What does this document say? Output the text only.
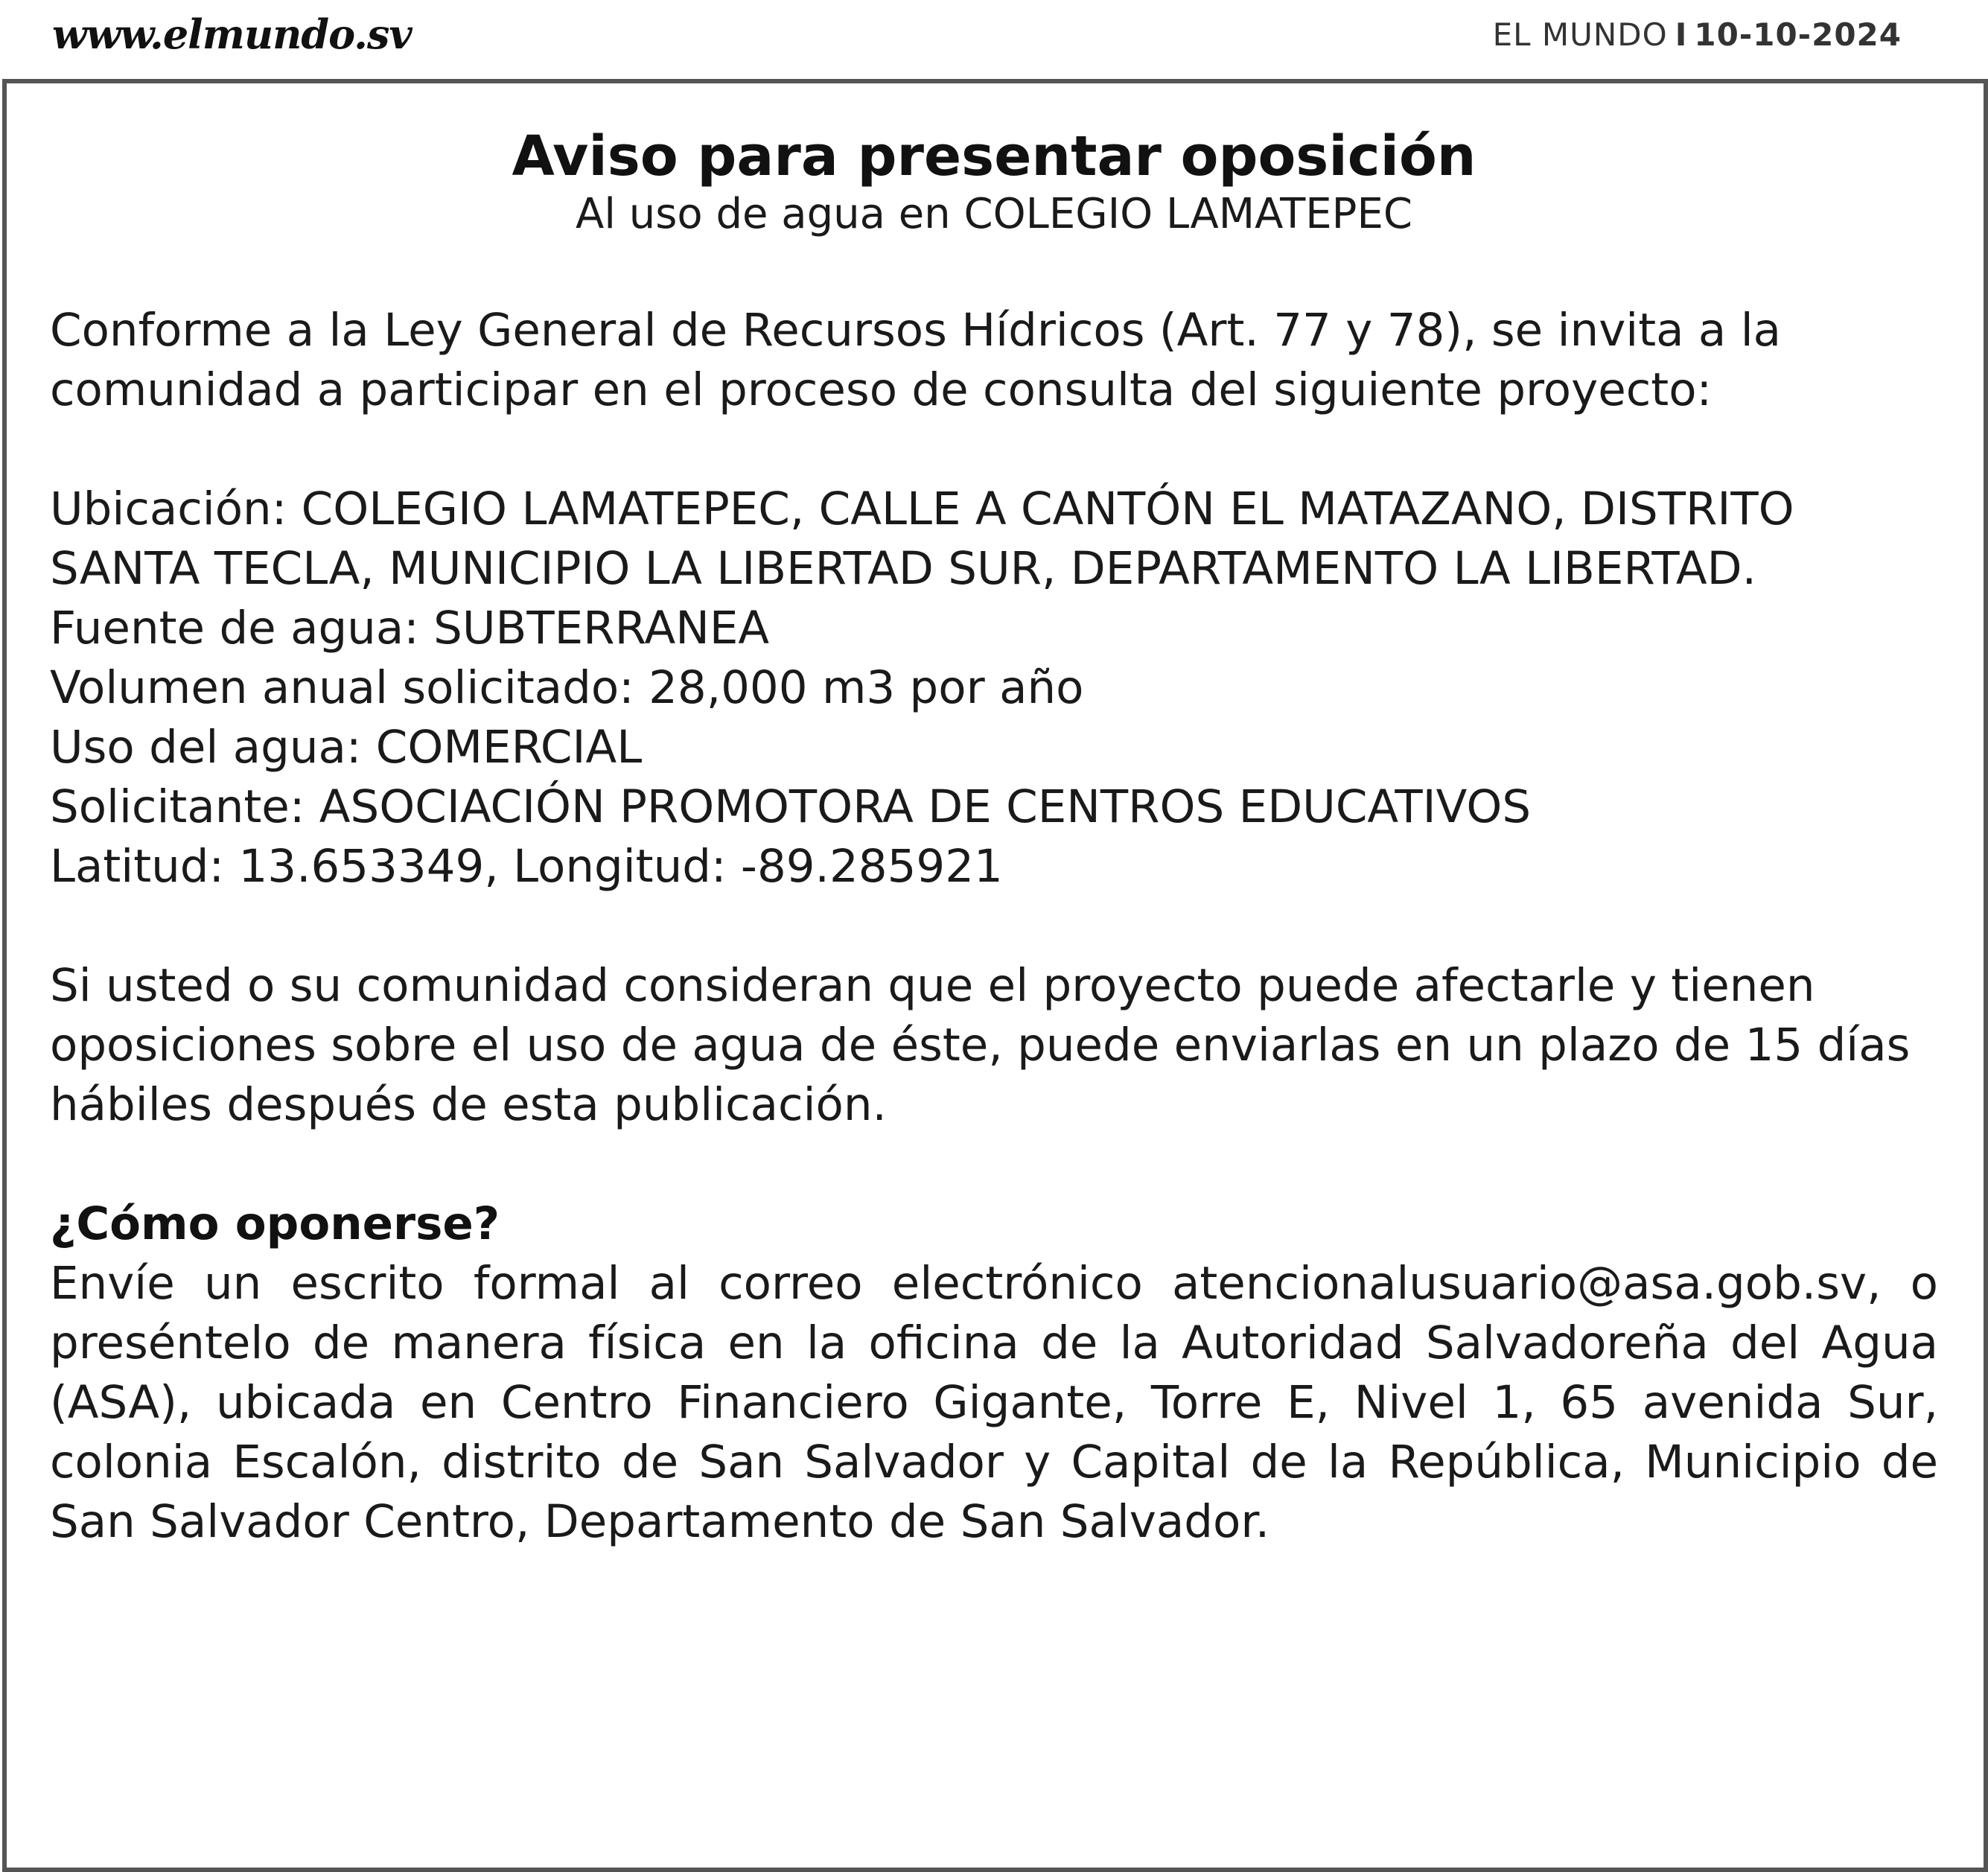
www.elmundo.sv	EL MUNDO I 10-10-2024
Aviso para presentar oposición

Al uso de agua en COLEGIO LAMATEPEC

Conforme a la Ley General de Recursos Hídricos (Art. 77 y 78), se invita a la comunidad a participar en el proceso de consulta del siguiente proyecto:

Ubicación: COLEGIO LAMATEPEC, CALLE A CANTÓN EL MATAZANO, DISTRITO SANTA TECLA, MUNICIPIO LA LIBERTAD SUR, DEPARTAMENTO LA LIBERTAD.
Fuente de agua: SUBTERRANEA
Volumen anual solicitado: 28,000 m3 por año
Uso del agua: COMERCIAL
Solicitante: ASOCIACIÓN PROMOTORA DE CENTROS EDUCATIVOS
Latitud: 13.653349, Longitud: -89.285921

Si usted o su comunidad consideran que el proyecto puede afectarle y tienen oposiciones sobre el uso de agua de éste, puede enviarlas en un plazo de 15 días hábiles después de esta publicación.

¿Cómo oponerse?

Envíe un escrito formal al correo electrónico atencionalusuario@asa.gob.sv, o preséntelo de manera física en la oficina de la Autoridad Salvadoreña del Agua (ASA), ubicada en Centro Financiero Gigante, Torre E, Nivel 1, 65 avenida Sur, colonia Escalón, distrito de San Salvador y Capital de la República, Municipio de San Salvador Centro, Departamento de San Salvador.
